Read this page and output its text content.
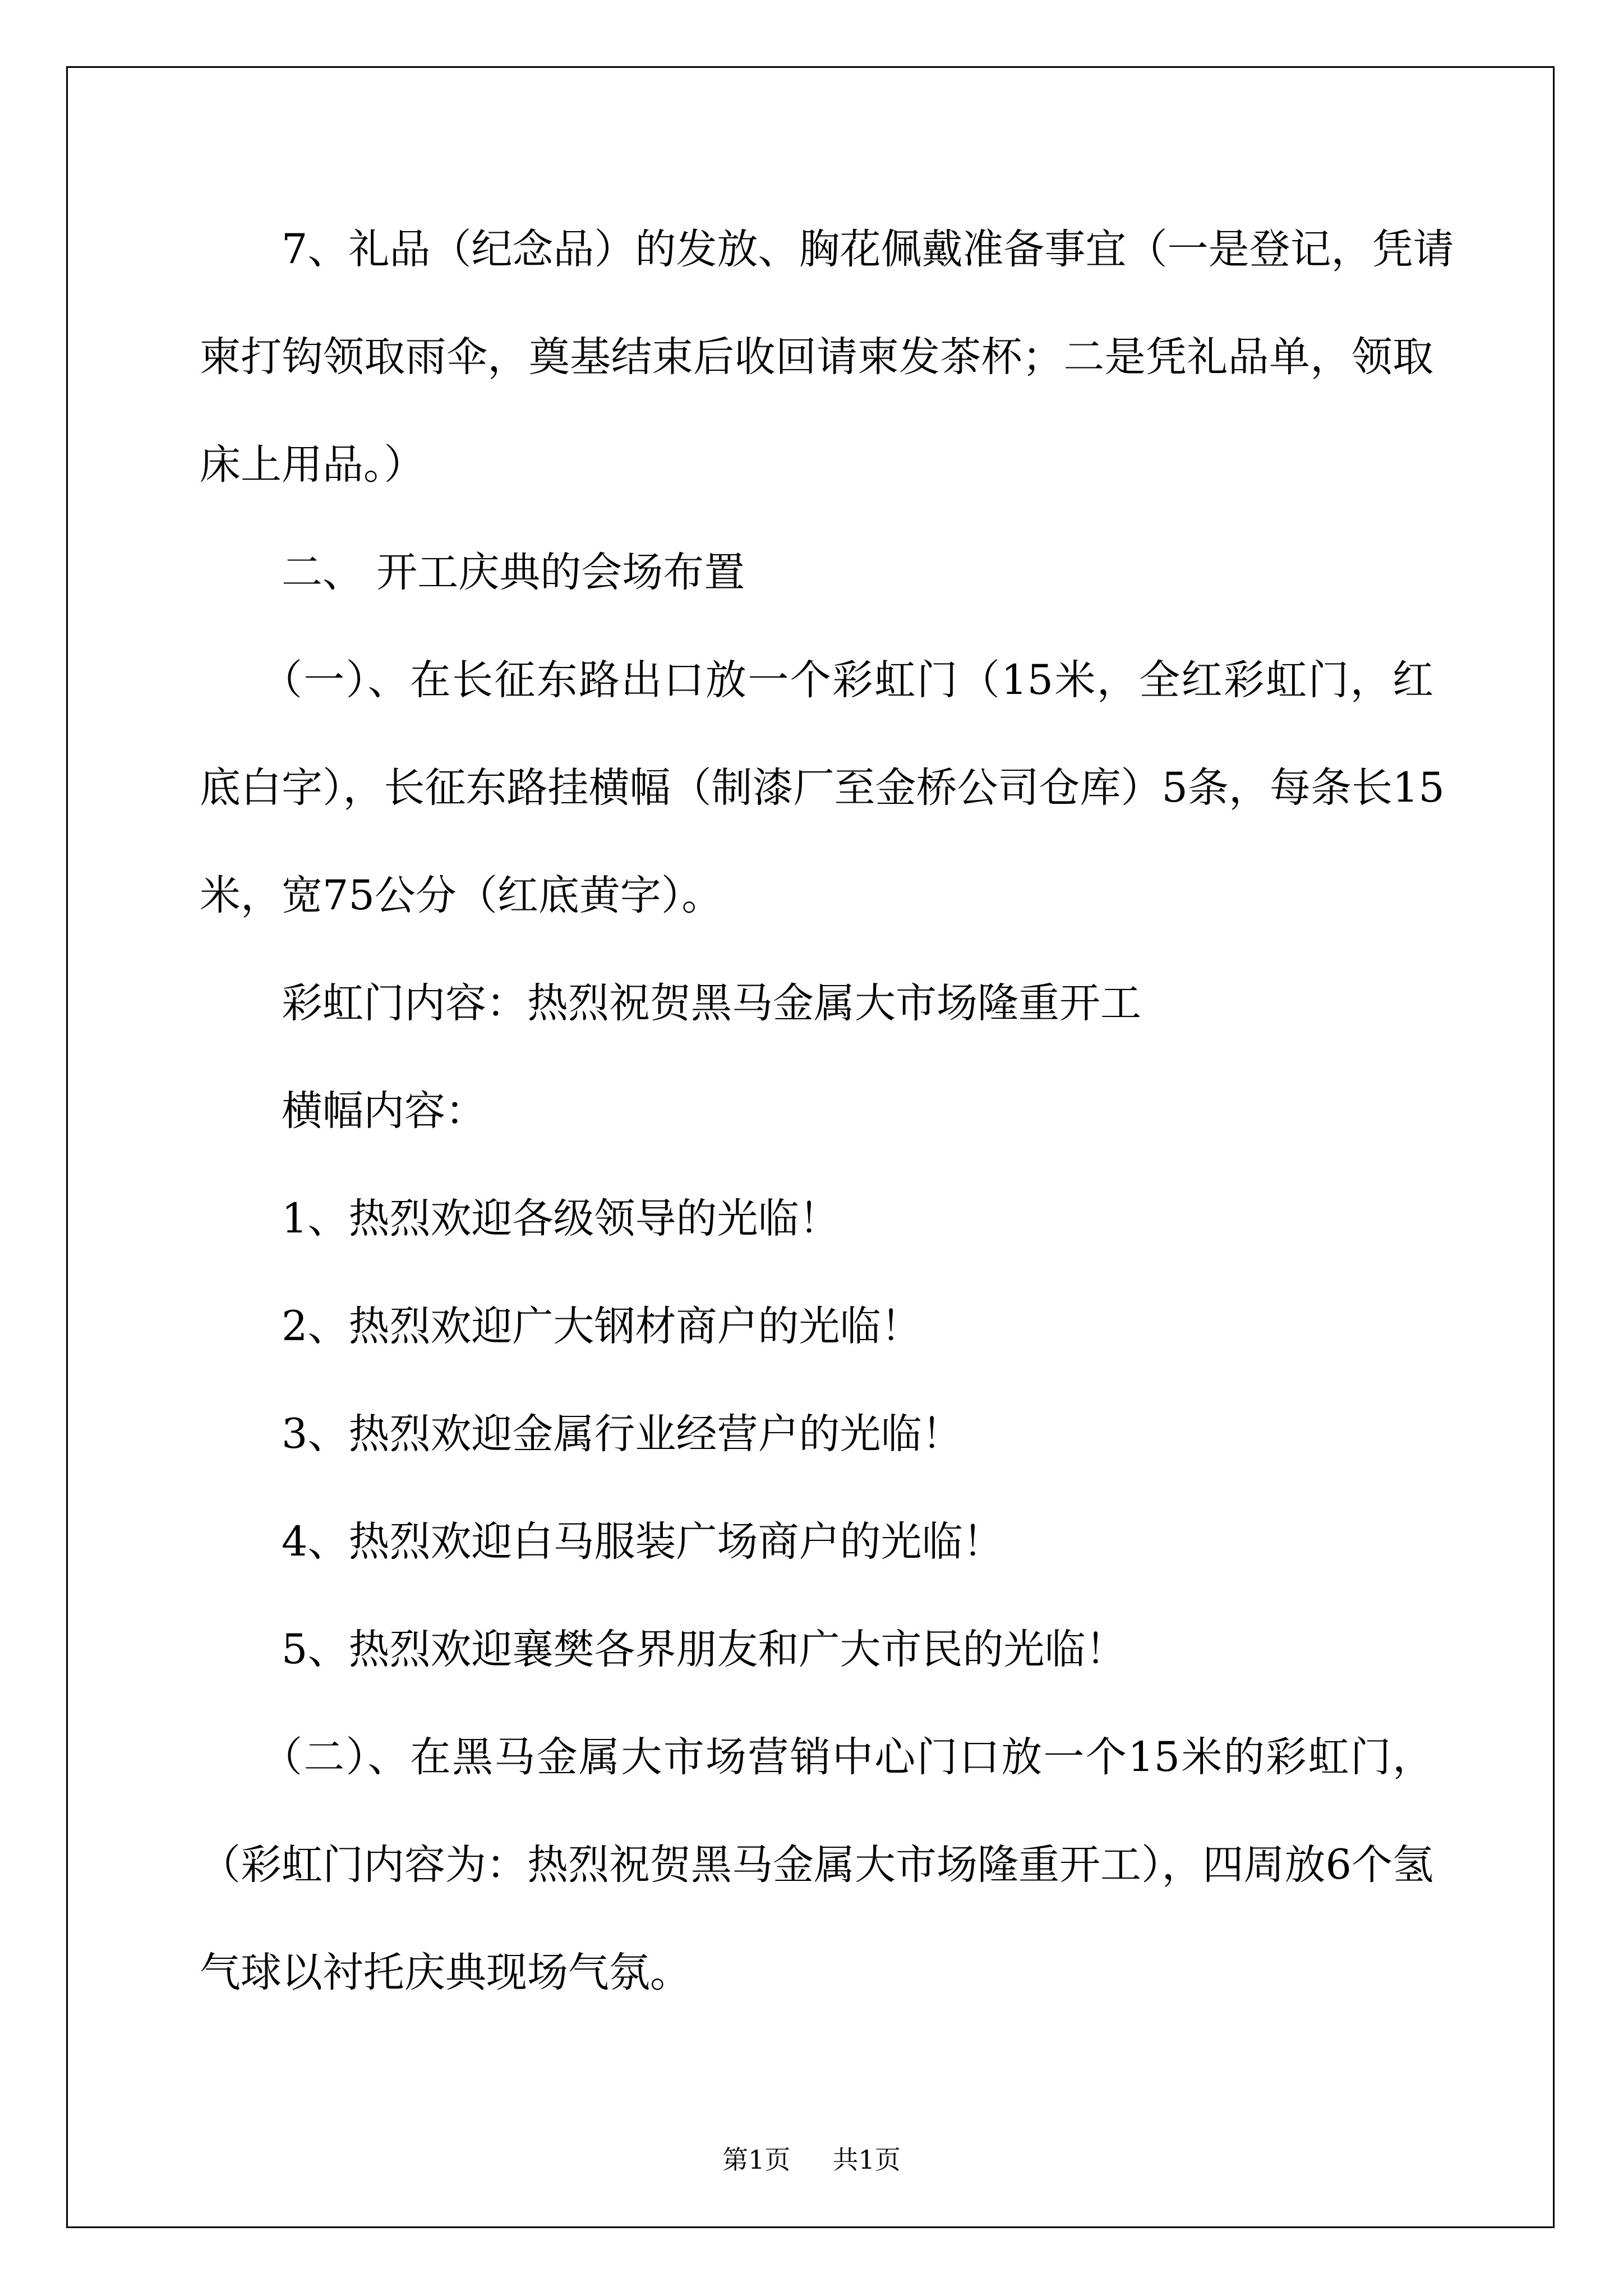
7、礼品（纪念品）的发放、胸花佩戴准备事宜（一是登记，凭请
柬打钩领取雨伞，奠基结束后收回请柬发茶杯；二是凭礼品单，领取
床上用品。）
二、 开工庆典的会场布置
（一）、在长征东路出口放一个彩虹门（15米，全红彩虹门，红
底白字），长征东路挂横幅（制漆厂至金桥公司仓库）5条，每条长15
米，宽75公分（红底黄字）。
彩虹门内容：热烈祝贺黑马金属大市场隆重开工
横幅内容：
1、热烈欢迎各级领导的光临！
2、热烈欢迎广大钢材商户的光临！
3、热烈欢迎金属行业经营户的光临！
4、热烈欢迎白马服装广场商户的光临！
5、热烈欢迎襄樊各界朋友和广大市民的光临！
（二）、在黑马金属大市场营销中心门口放一个15米的彩虹门，
（彩虹门内容为：热烈祝贺黑马金属大市场隆重开工），四周放6个氢
气球以衬托庆典现场气氛。
第1页 共1页
